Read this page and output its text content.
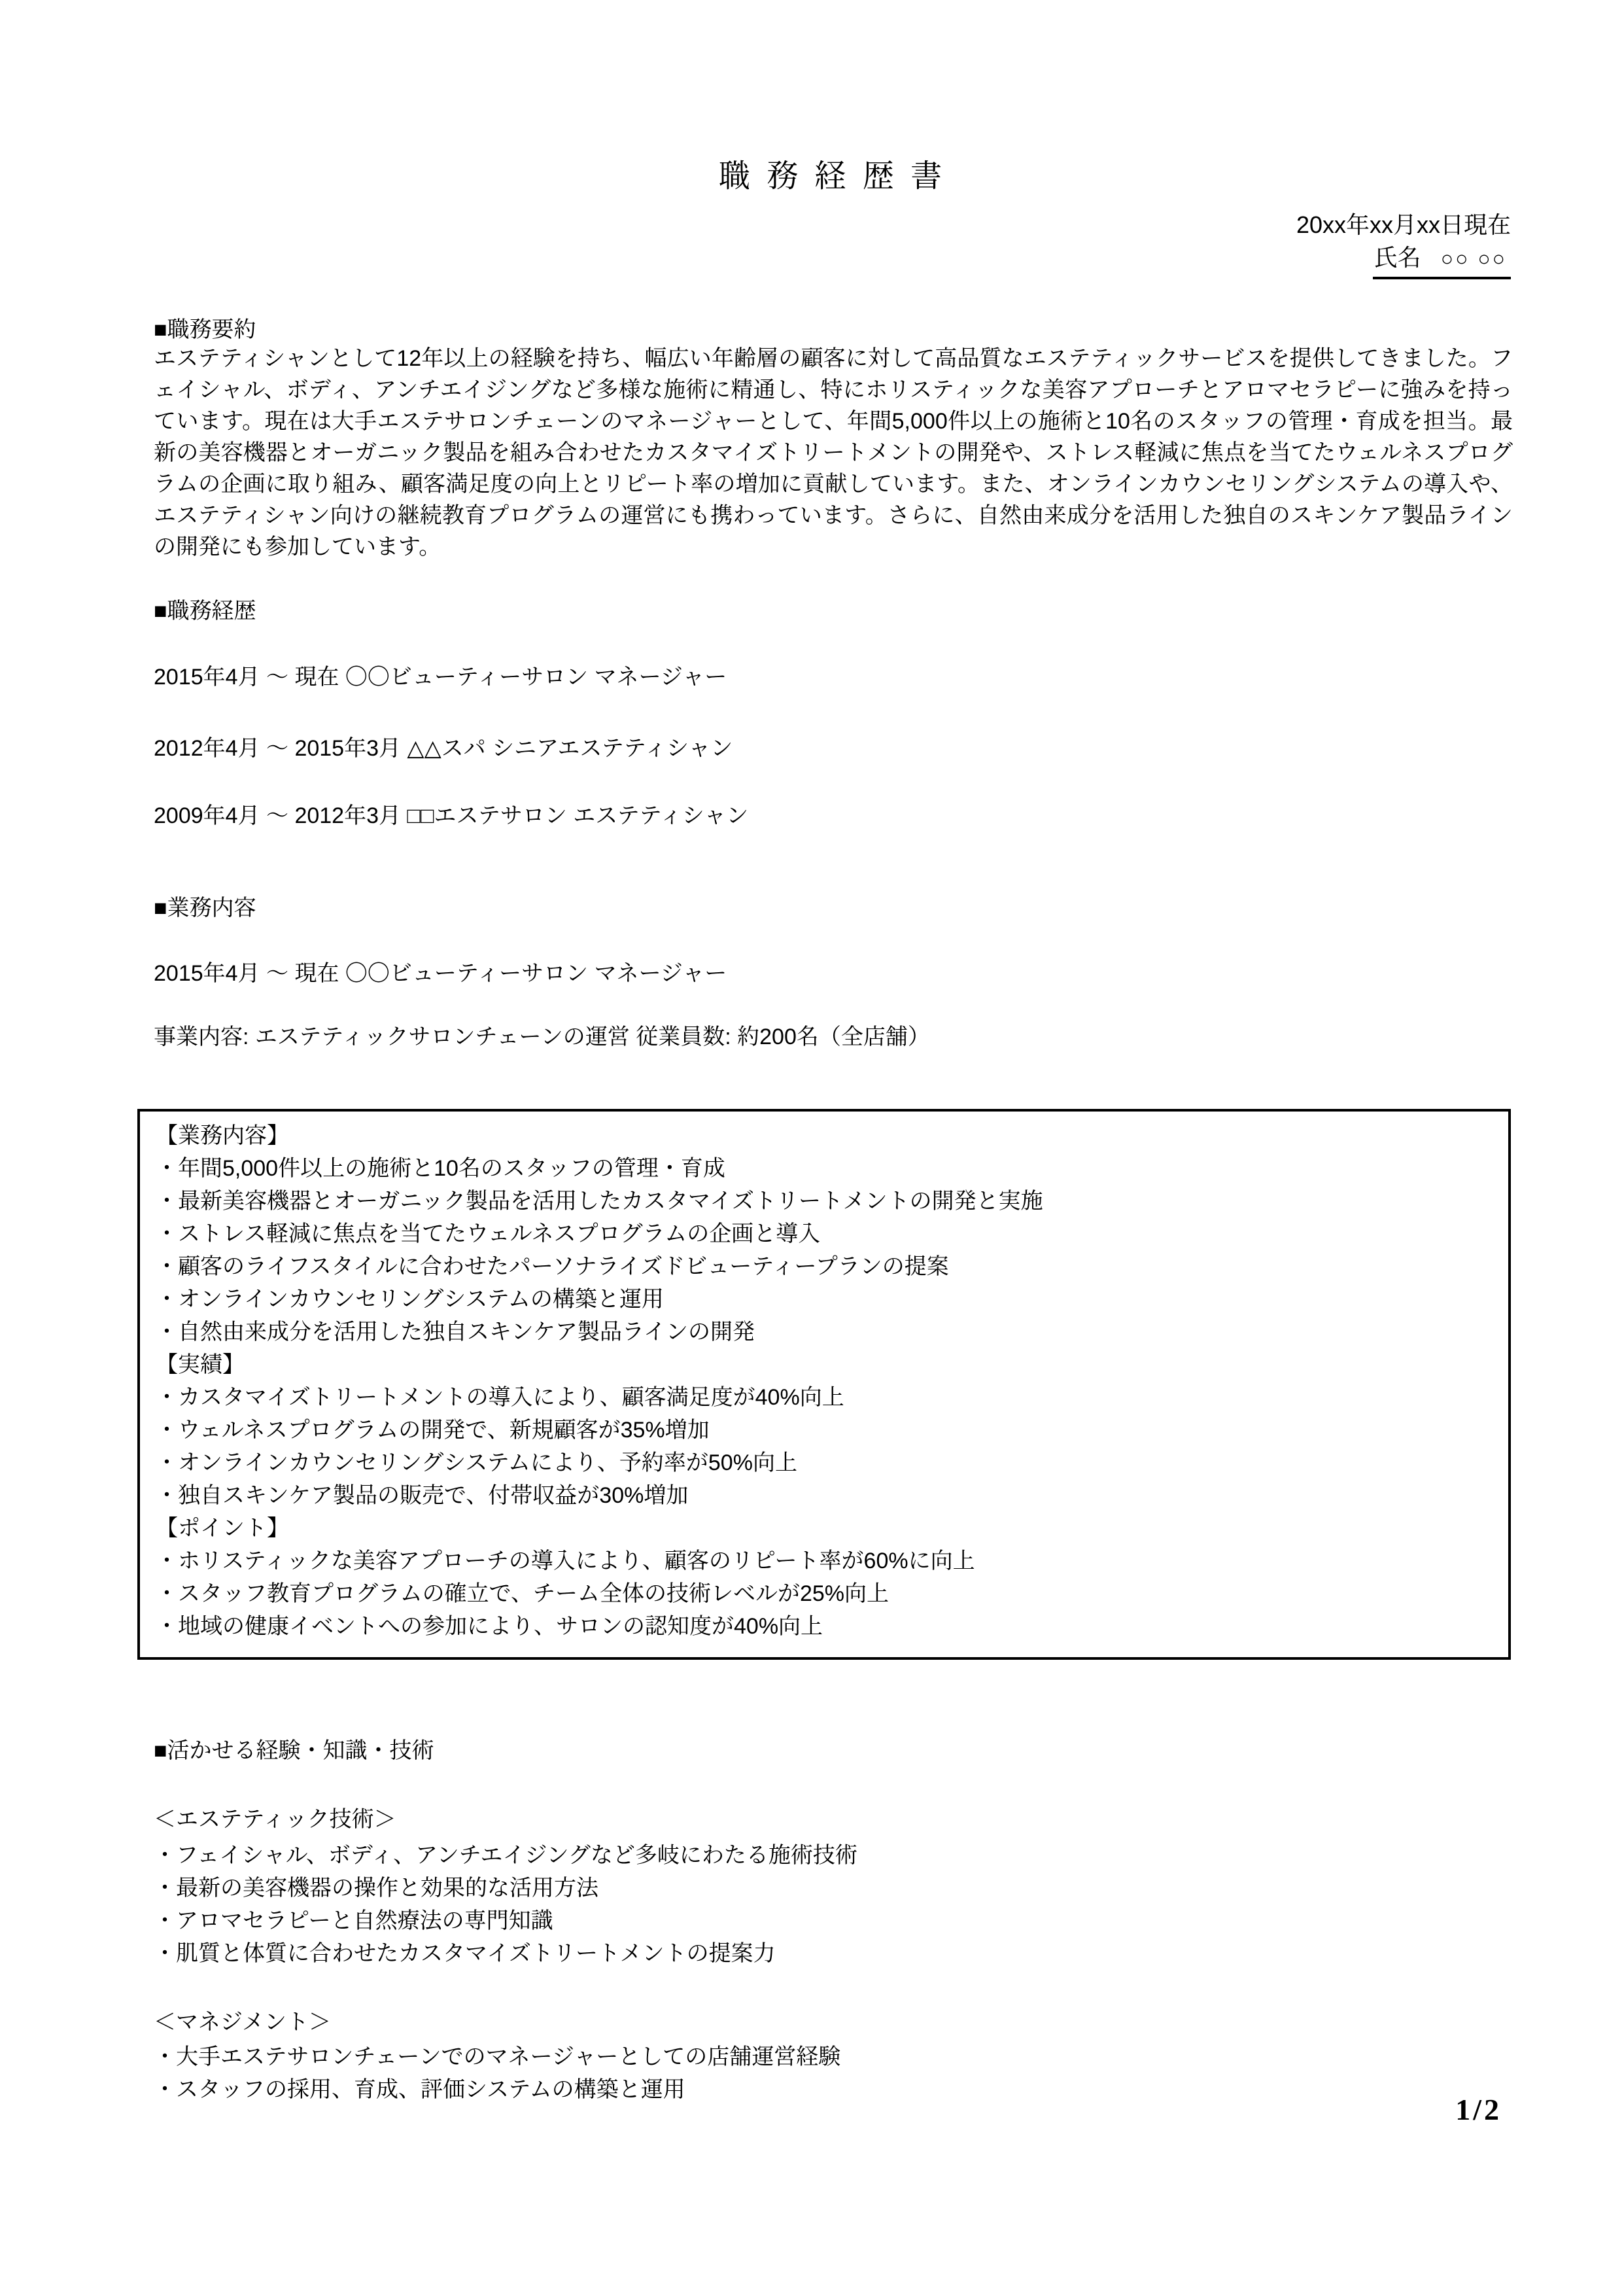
職 務 経 歴 書
20xx年xx月xx日現在
氏名 ○○ ○○
■職務要約

エステティシャンとして12年以上の経験を持ち、幅広い年齢層の顧客に対して高品質なエステティックサービスを提供してきました。フェイシャル、ボディ、アンチエイジングなど多様な施術に精通し、特にホリスティックな美容アプローチとアロマセラピーに強みを持っています。現在は大手エステサロンチェーンのマネージャーとして、年間5,000件以上の施術と10名のスタッフの管理・育成を担当。最新の美容機器とオーガニック製品を組み合わせたカスタマイズトリートメントの開発や、ストレス軽減に焦点を当てたウェルネスプログラムの企画に取り組み、顧客満足度の向上とリピート率の増加に貢献しています。また、オンラインカウンセリングシステムの導入や、エステティシャン向けの継続教育プログラムの運営にも携わっています。さらに、自然由来成分を活用した独自のスキンケア製品ラインの開発にも参加しています。

■職務経歴
2015年4月 ～ 現在 〇〇ビューティーサロン マネージャー
2012年4月 ～ 2015年3月 △△スパ シニアエステティシャン
2009年4月 ～ 2012年3月 □□エステサロン エステティシャン
■業務内容
2015年4月 ～ 現在 〇〇ビューティーサロン マネージャー
事業内容: エステティックサロンチェーンの運営 従業員数: 約200名（全店舗）
【業務内容】
・年間5,000件以上の施術と10名のスタッフの管理・育成
・最新美容機器とオーガニック製品を活用したカスタマイズトリートメントの開発と実施
・ストレス軽減に焦点を当てたウェルネスプログラムの企画と導入
・顧客のライフスタイルに合わせたパーソナライズドビューティープランの提案
・オンラインカウンセリングシステムの構築と運用
・自然由来成分を活用した独自スキンケア製品ラインの開発
【実績】
・カスタマイズトリートメントの導入により、顧客満足度が40%向上
・ウェルネスプログラムの開発で、新規顧客が35%増加
・オンラインカウンセリングシステムにより、予約率が50%向上
・独自スキンケア製品の販売で、付帯収益が30%増加
【ポイント】
・ホリスティックな美容アプローチの導入により、顧客のリピート率が60%に向上
・スタッフ教育プログラムの確立で、チーム全体の技術レベルが25%向上
・地域の健康イベントへの参加により、サロンの認知度が40%向上
■活かせる経験・知識・技術
＜エステティック技術＞
・フェイシャル、ボディ、アンチエイジングなど多岐にわたる施術技術
・最新の美容機器の操作と効果的な活用方法
・アロマセラピーと自然療法の専門知識
・肌質と体質に合わせたカスタマイズトリートメントの提案力
＜マネジメント＞
・大手エステサロンチェーンでのマネージャーとしての店舗運営経験
・スタッフの採用、育成、評価システムの構築と運用
1/2
